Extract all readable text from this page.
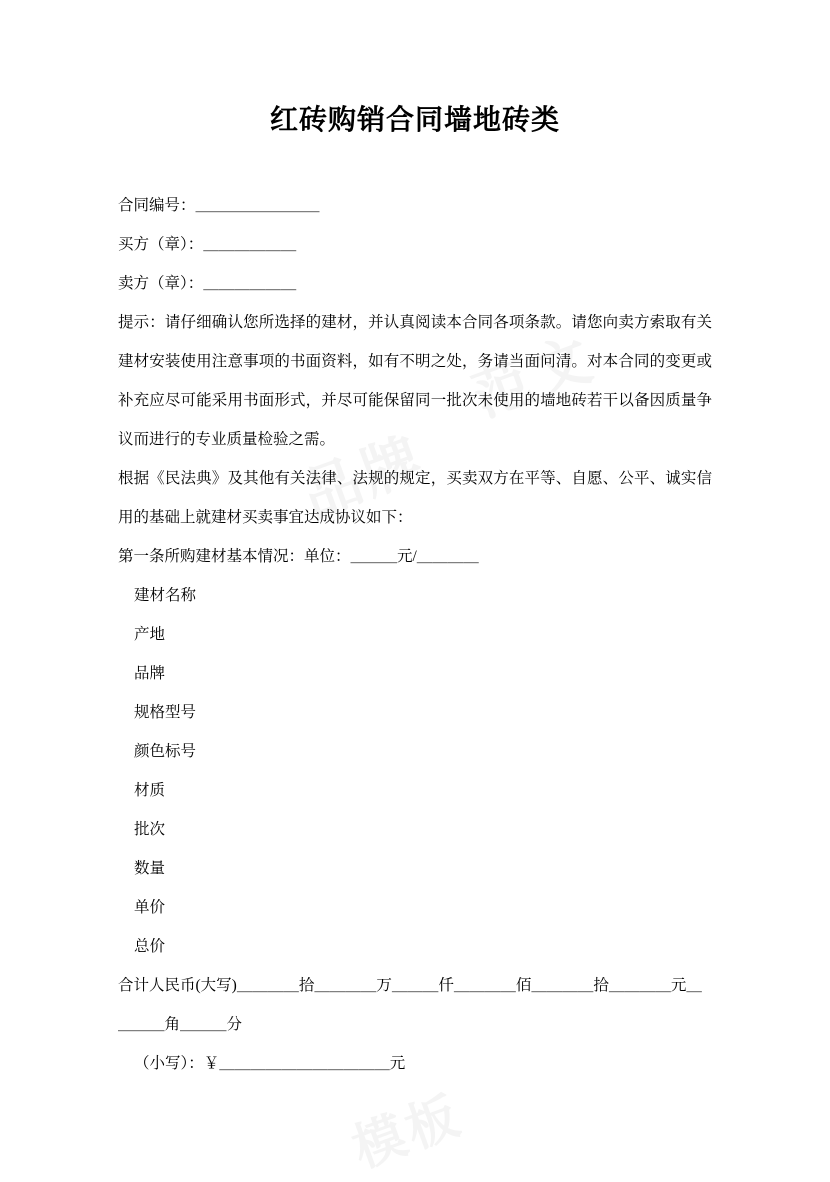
红砖购销合同墙地砖类
合同编号：＿＿＿＿＿＿＿＿
买方（章）：＿＿＿＿＿＿
卖方（章）：＿＿＿＿＿＿
提示：请仔细确认您所选择的建材，并认真阅读本合同各项条款。请您向卖方索取有关建材安装使用注意事项的书面资料，如有不明之处，务请当面问清。对本合同的变更或补充应尽可能采用书面形式，并尽可能保留同一批次未使用的墙地砖若干以备因质量争议而进行的专业质量检验之需。
根据《民法典》及其他有关法律、法规的规定，买卖双方在平等、自愿、公平、诚实信用的基础上就建材买卖事宜达成协议如下：
第一条所购建材基本情况：单位：＿＿＿元/＿＿＿＿
建材名称
产地
品牌
规格型号
颜色标号
材质
批次
数量
单价
总价
合计人民币(大写)＿＿＿＿拾＿＿＿＿万＿＿＿仟＿＿＿＿佰＿＿＿＿拾＿＿＿＿元＿＿＿＿角＿＿＿分
（小写）：￥＿＿＿＿＿＿＿＿＿＿＿元
